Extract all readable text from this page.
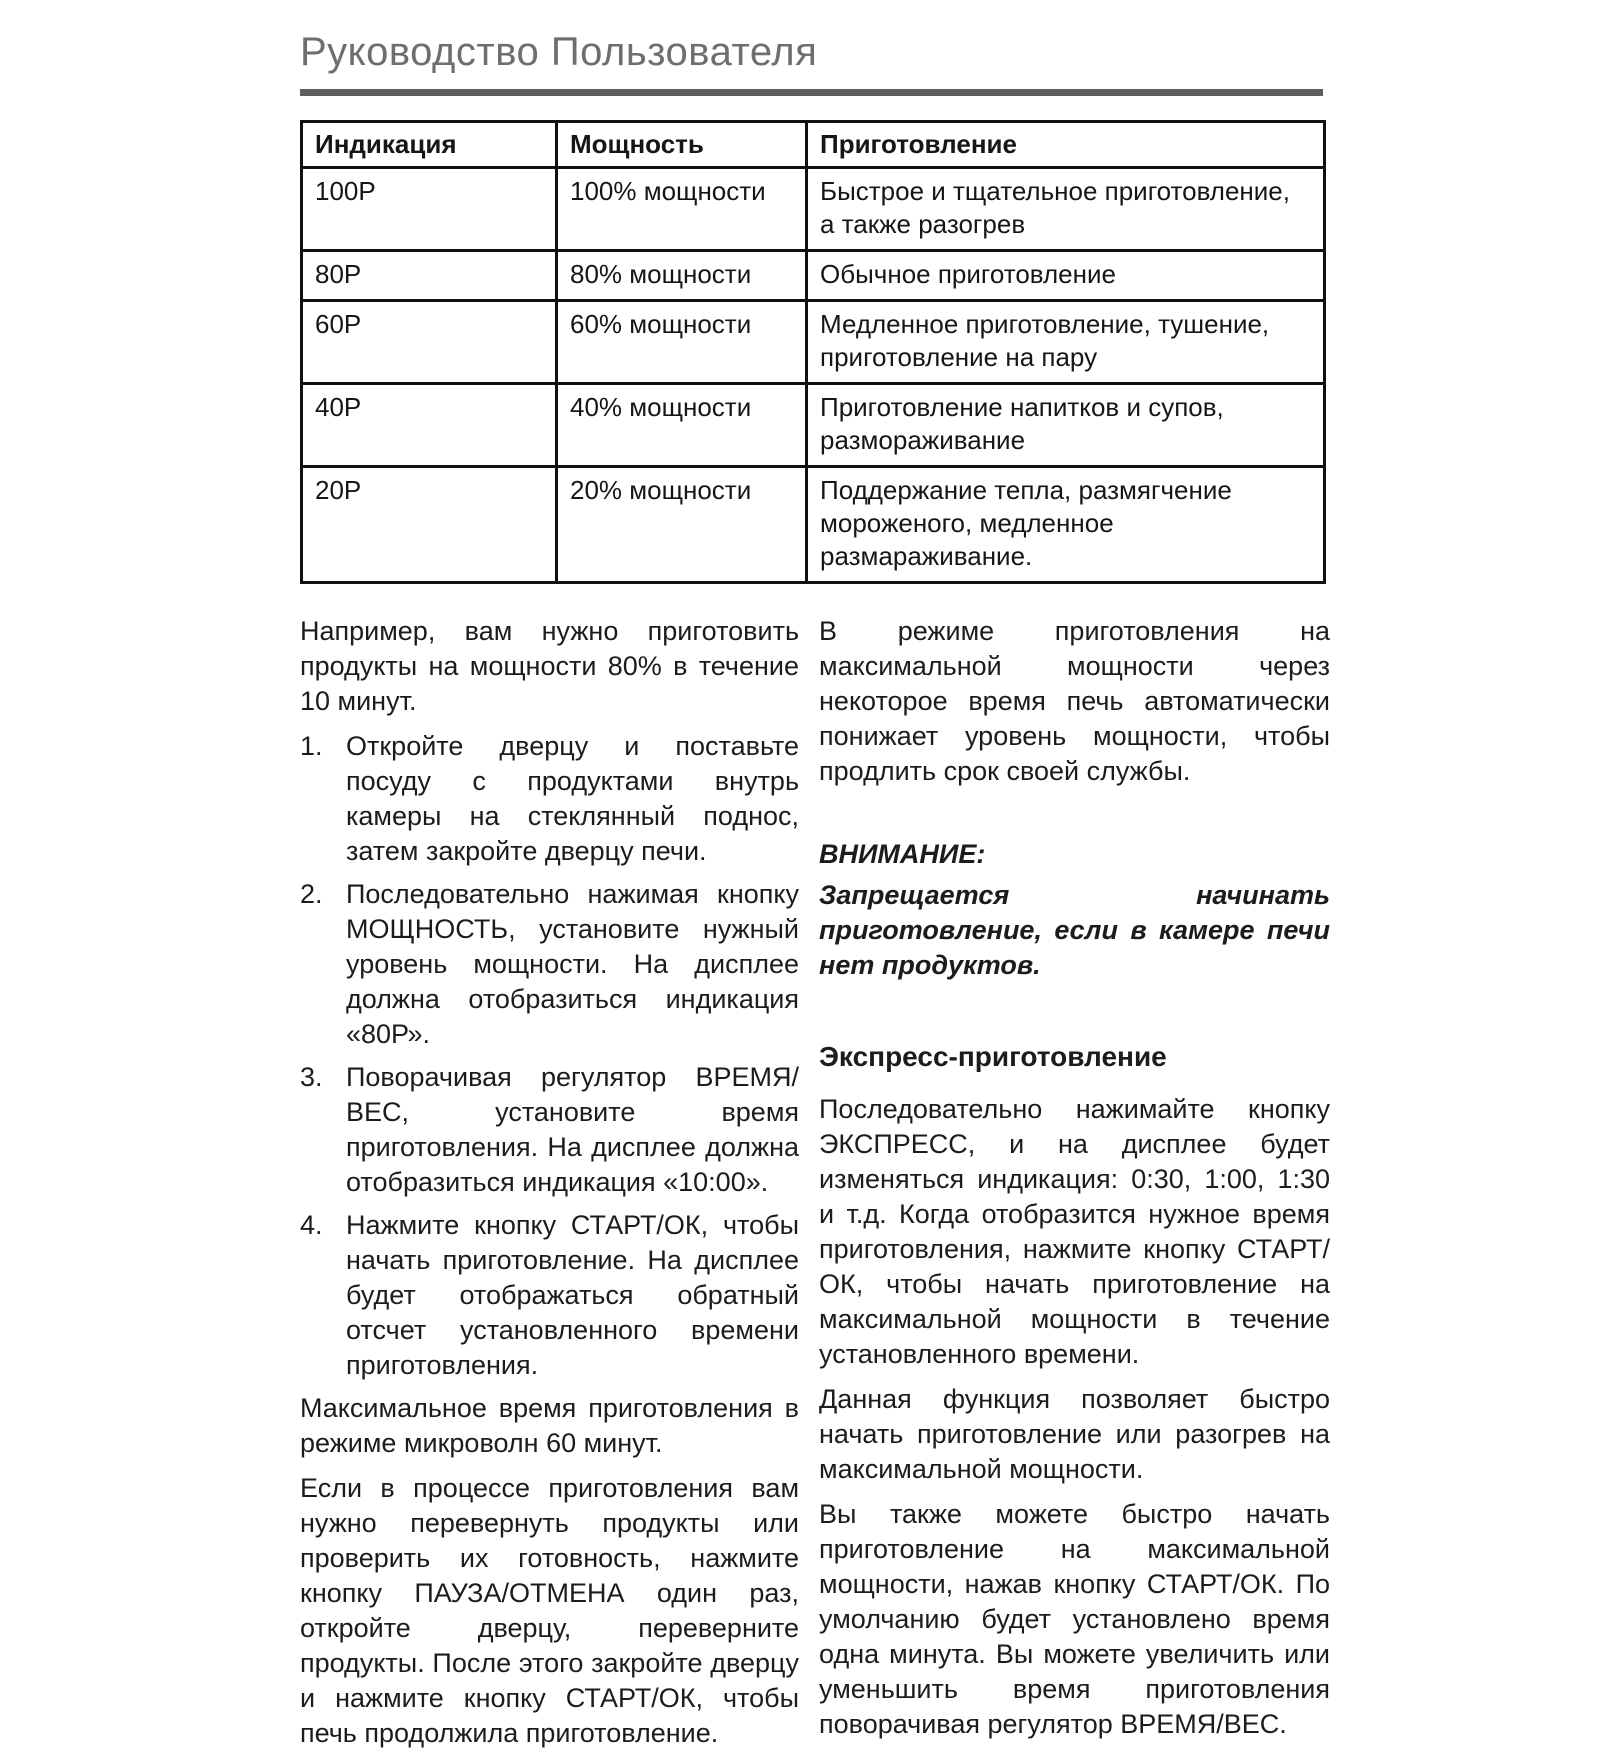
Руководство Пользователя
Индикация	Мощность	Приготовление
100Р	100% мощности	Быстрое и тщательное приготовление, а также разогрев
80Р	80% мощности	Обычное приготовление
60Р	60% мощности	Медленное приготовление, тушение, приготовление на пару
40Р	40% мощности	Приготовление напитков и супов, размораживание
20Р	20% мощности	Поддержание тепла, размягчение мороженого, медленное размараживание.

Например, вам нужно приготовить продукты на мощности 80% в течение 10 минут.

1. Откройте дверцу и поставьте посуду с продуктами внутрь камеры на стеклянный поднос, затем закройте дверцу печи.
2. Последовательно нажимая кнопку МОЩНОСТЬ, установите нужный уровень мощности. На дисплее должна отобразиться индикация «80Р».
3. Поворачивая регулятор ВРЕМЯ/ВЕС, установите время приготовления. На дисплее должна отобразиться индикация «10:00».
4. Нажмите кнопку СТАРТ/ОК, чтобы начать приготовление. На дисплее будет отображаться обратный отсчет установленного времени приготовления.

Максимальное время приготовления в режиме микроволн 60 минут.

Если в процессе приготовления вам нужно перевернуть продукты или проверить их готовность, нажмите кнопку ПАУЗА/ОТМЕНА один раз, откройте дверцу, переверните продукты. После этого закройте дверцу и нажмите кнопку СТАРТ/ОК, чтобы печь продолжила приготовление.

В режиме приготовления на максимальной мощности через некоторое время печь автоматически понижает уровень мощности, чтобы продлить срок своей службы.

ВНИМАНИЕ:

Запрещается начинать приготовление, если в камере печи нет продуктов.

Экспресс-приготовление

Последовательно нажимайте кнопку ЭКСПРЕСС, и на дисплее будет изменяться индикация: 0:30, 1:00, 1:30 и т.д. Когда отобразится нужное время приготовления, нажмите кнопку СТАРТ/ОК, чтобы начать приготовление на максимальной мощности в течение установленного времени.

Данная функция позволяет быстро начать приготовление или разогрев на максимальной мощности.

Вы также можете быстро начать приготовление на максимальной мощности, нажав кнопку СТАРТ/ОК. По умолчанию будет установлено время одна минута. Вы можете увеличить или уменьшить время приготовления поворачивая регулятор ВРЕМЯ/ВЕС.
